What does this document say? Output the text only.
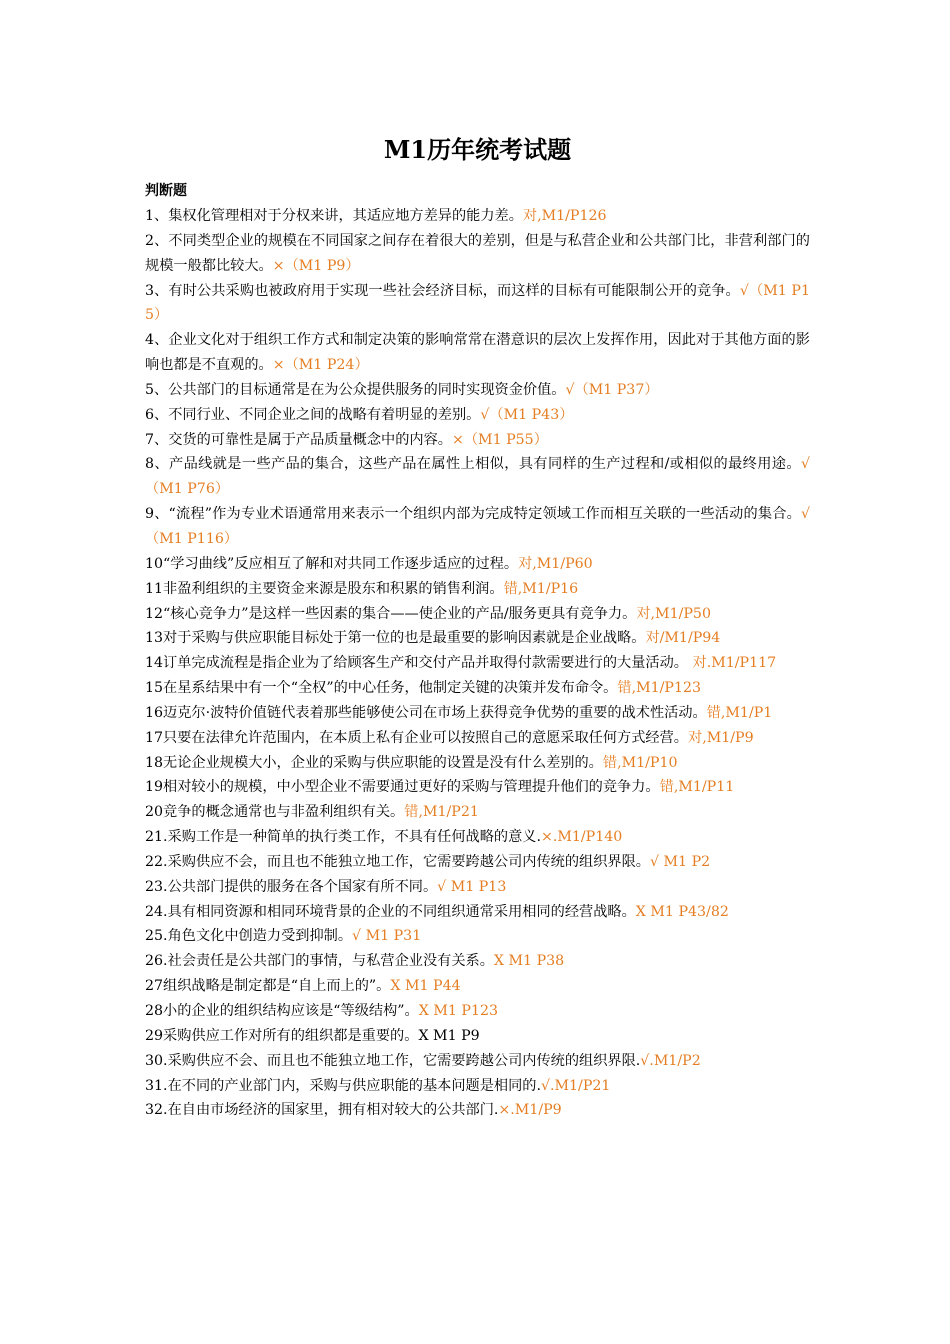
M1历年统考试题

判断题

1、集权化管理相对于分权来讲，其适应地方差异的能力差。对,M1/P126

2、不同类型企业的规模在不同国家之间存在着很大的差别，但是与私营企业和公共部门比，非营利部门的规模一般都比较大。×（M1 P9）

3、有时公共采购也被政府用于实现一些社会经济目标，而这样的目标有可能限制公开的竞争。√（M1 P15）

4、企业文化对于组织工作方式和制定决策的影响常常在潜意识的层次上发挥作用，因此对于其他方面的影响也都是不直观的。×（M1 P24）

5、公共部门的目标通常是在为公众提供服务的同时实现资金价值。√（M1 P37）

6、不同行业、不同企业之间的战略有着明显的差别。√（M1 P43）

7、交货的可靠性是属于产品质量概念中的内容。×（M1 P55）

8、产品线就是一些产品的集合，这些产品在属性上相似，具有同样的生产过程和/或相似的最终用途。√（M1 P76）

9、“流程”作为专业术语通常用来表示一个组织内部为完成特定领域工作而相互关联的一些活动的集合。√（M1 P116）

10“学习曲线”反应相互了解和对共同工作逐步适应的过程。对,M1/P60

11非盈利组织的主要资金来源是股东和积累的销售利润。错,M1/P16

12“核心竞争力”是这样一些因素的集合——使企业的产品/服务更具有竞争力。对,M1/P50

13对于采购与供应职能目标处于第一位的也是最重要的影响因素就是企业战略。对/M1/P94

14订单完成流程是指企业为了给顾客生产和交付产品并取得付款需要进行的大量活动。 对.M1/P117

15在星系结果中有一个“全权”的中心任务，他制定关键的决策并发布命令。错,M1/P123

16迈克尔·波特价值链代表着那些能够使公司在市场上获得竞争优势的重要的战术性活动。错,M1/P1

17只要在法律允许范围内，在本质上私有企业可以按照自己的意愿采取任何方式经营。对,M1/P9

18无论企业规模大小，企业的采购与供应职能的设置是没有什么差别的。错,M1/P10

19相对较小的规模，中小型企业不需要通过更好的采购与管理提升他们的竞争力。错,M1/P11

20竞争的概念通常也与非盈利组织有关。错,M1/P21

21.采购工作是一种简单的执行类工作，不具有任何战略的意义.×.M1/P140

22.采购供应不会，而且也不能独立地工作，它需要跨越公司内传统的组织界限。√ M1 P2

23.公共部门提供的服务在各个国家有所不同。√ M1 P13

24.具有相同资源和相同环境背景的企业的不同组织通常采用相同的经营战略。X M1 P43/82

25.角色文化中创造力受到抑制。√ M1 P31

26.社会责任是公共部门的事情，与私营企业没有关系。X M1 P38

27组织战略是制定都是“自上而上的”。X M1 P44

28小的企业的组织结构应该是“等级结构”。X M1 P123

29采购供应工作对所有的组织都是重要的。X M1 P9

30.采购供应不会、而且也不能独立地工作，它需要跨越公司内传统的组织界限.√.M1/P2

31.在不同的产业部门内，采购与供应职能的基本问题是相同的.√.M1/P21

32.在自由市场经济的国家里，拥有相对较大的公共部门.×.M1/P9
